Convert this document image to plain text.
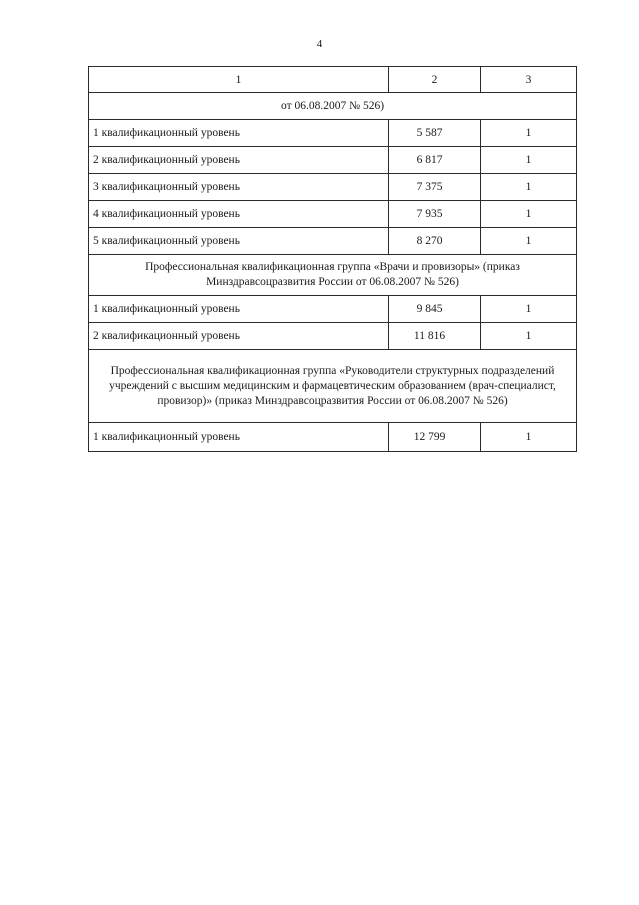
4
1	2	3
от 06.08.2007 № 526)		
1 квалификационный уровень	5 587	1
2 квалификационный уровень	6 817	1
3 квалификационный уровень	7 375	1
4 квалификационный уровень	7 935	1
5 квалификационный уровень	8 270	1
Профессиональная квалификационная группа «Врачи и провизоры» (приказ Минздравсоцразвития России от 06.08.2007 № 526)		
1 квалификационный уровень	9 845	1
2 квалификационный уровень	11 816	1
Профессиональная квалификационная группа «Руководители структурных подразделений учреждений с высшим медицинским и фармацевтическим образованием (врач-специалист, провизор)» (приказ Минздравсоцразвития России от 06.08.2007 № 526)		
1 квалификационный уровень	12 799	1
